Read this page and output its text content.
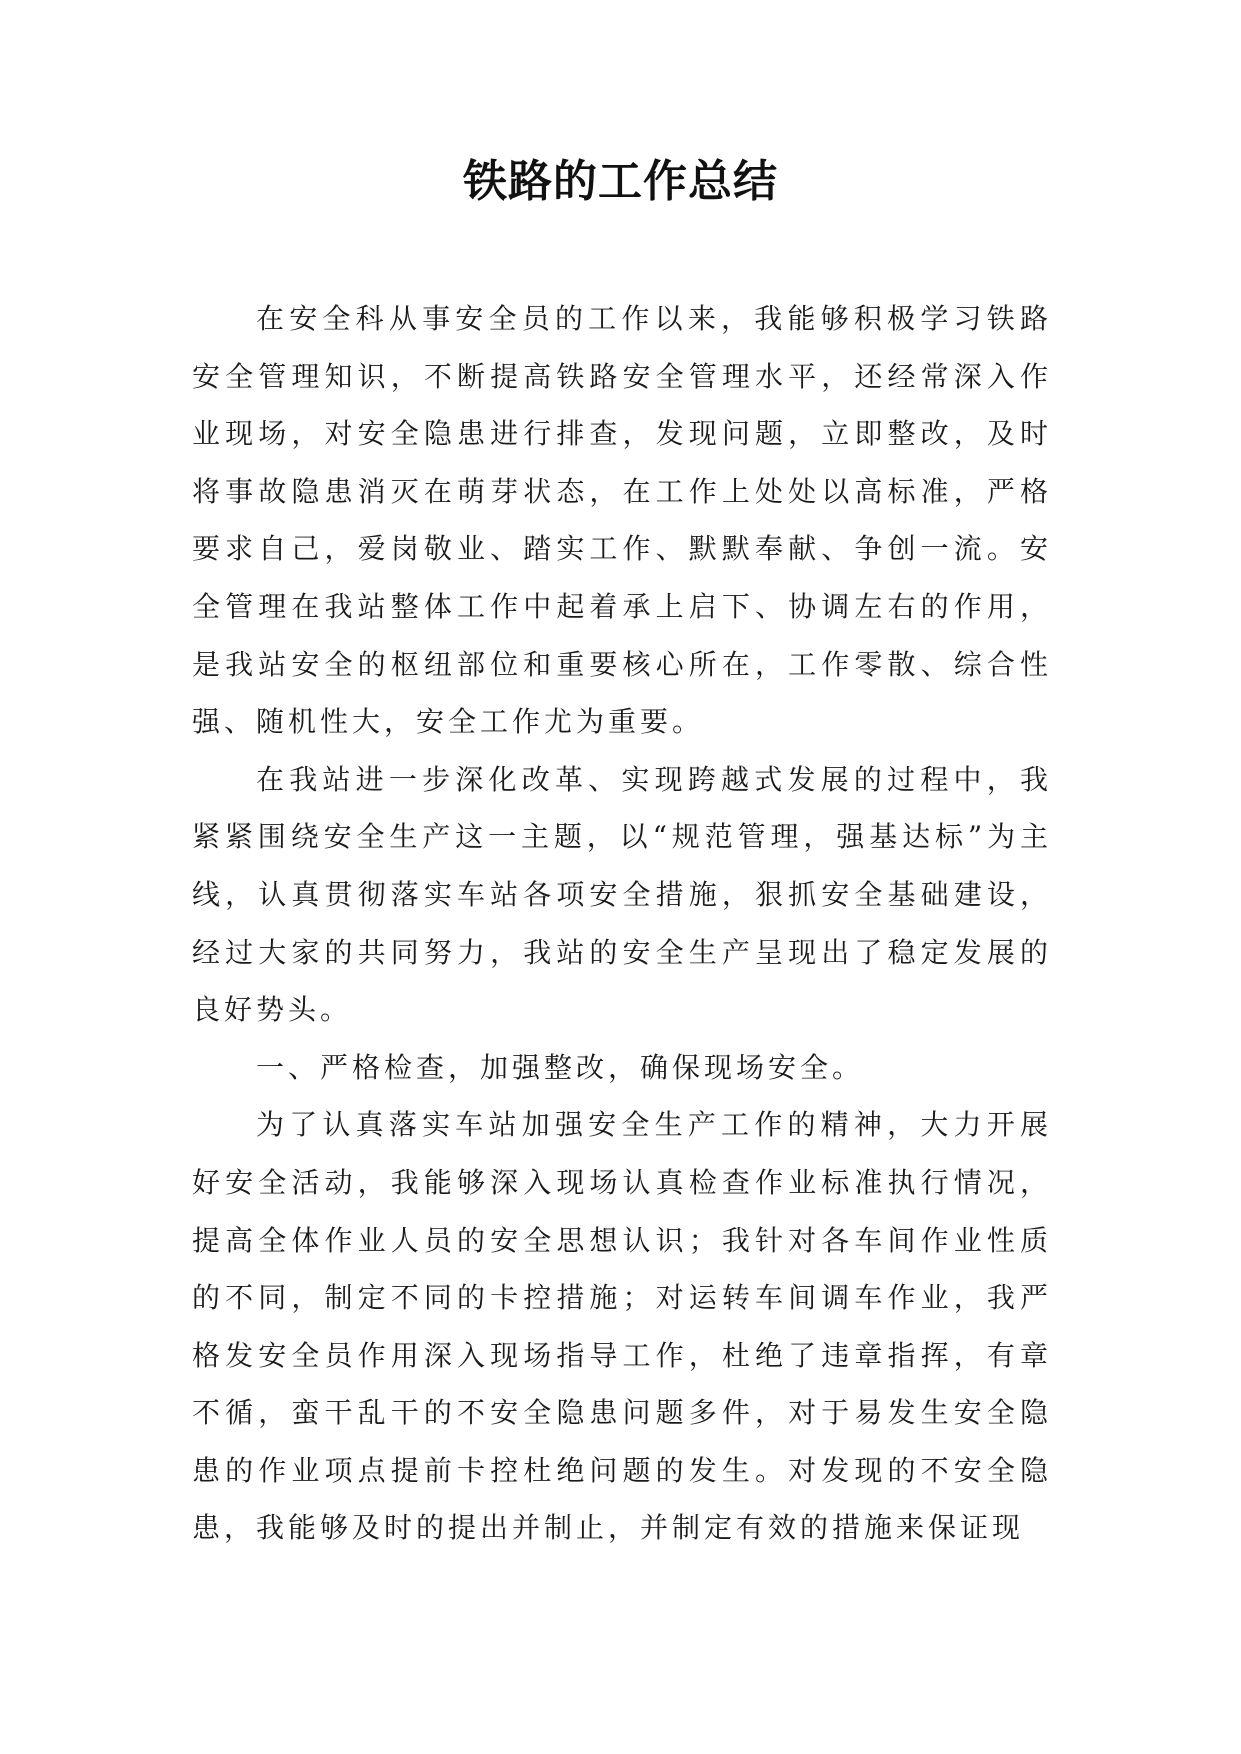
铁路的工作总结

在安全科从事安全员的工作以来，我能够积极学习铁路安全管理知识，不断提高铁路安全管理水平，还经常深入作业现场，对安全隐患进行排查，发现问题，立即整改，及时将事故隐患消灭在萌芽状态，在工作上处处以高标准，严格要求自己，爱岗敬业、踏实工作、默默奉献、争创一流。安全管理在我站整体工作中起着承上启下、协调左右的作用，是我站安全的枢纽部位和重要核心所在，工作零散、综合性强、随机性大，安全工作尤为重要。

在我站进一步深化改革、实现跨越式发展的过程中，我紧紧围绕安全生产这一主题，以“规范管理，强基达标”为主线，认真贯彻落实车站各项安全措施，狠抓安全基础建设，经过大家的共同努力，我站的安全生产呈现出了稳定发展的良好势头。

一、严格检查，加强整改，确保现场安全。

为了认真落实车站加强安全生产工作的精神，大力开展好安全活动，我能够深入现场认真检查作业标准执行情况，提高全体作业人员的安全思想认识；我针对各车间作业性质的不同，制定不同的卡控措施；对运转车间调车作业，我严格发安全员作用深入现场指导工作，杜绝了违章指挥，有章不循，蛮干乱干的不安全隐患问题多件，对于易发生安全隐患的作业项点提前卡控杜绝问题的发生。对发现的不安全隐患，我能够及时的提出并制止，并制定有效的措施来保证现
